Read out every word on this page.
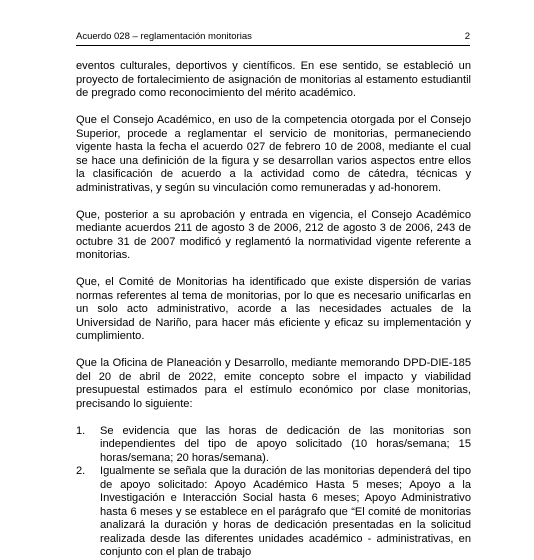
Acuerdo 028 – reglamentación monitorias	2

eventos culturales, deportivos y científicos. En ese sentido, se estableció un proyecto de fortalecimiento de asignación de monitorias al estamento estudiantil de pregrado como reconocimiento del mérito académico.

Que el Consejo Académico, en uso de la competencia otorgada por el Consejo Superior, procede a reglamentar el servicio de monitorias, permaneciendo vigente hasta la fecha el acuerdo 027 de febrero 10 de 2008, mediante el cual se hace una definición de la figura y se desarrollan varios aspectos entre ellos la clasificación de acuerdo a la actividad como de cátedra, técnicas y administrativas, y según su vinculación como remuneradas y ad-honorem.

Que, posterior a su aprobación y entrada en vigencia, el Consejo Académico mediante acuerdos 211 de agosto 3 de 2006, 212 de agosto 3 de 2006, 243 de octubre 31 de 2007 modificó y reglamentó la normatividad vigente referente a monitorias.

Que, el Comité de Monitorias ha identificado que existe dispersión de varias normas referentes al tema de monitorias, por lo que es necesario unificarlas en un solo acto administrativo, acorde a las necesidades actuales de la Universidad de Nariño, para hacer más eficiente y eficaz su implementación y cumplimiento.

Que la Oficina de Planeación y Desarrollo, mediante memorando DPD-DIE-185 del 20 de abril de 2022, emite concepto sobre el impacto y viabilidad presupuestal estimados para el estímulo económico por clase monitorias, precisando lo siguiente:

1. Se evidencia que las horas de dedicación de las monitorias son independientes del tipo de apoyo solicitado (10 horas/semana; 15 horas/semana; 20 horas/semana).
2. Igualmente se señala que la duración de las monitorias dependerá del tipo de apoyo solicitado: Apoyo Académico Hasta 5 meses; Apoyo a la Investigación e Interacción Social hasta 6 meses; Apoyo Administrativo hasta 6 meses y se establece en el parágrafo que “El comité de monitorias analizará la duración y horas de dedicación presentadas en la solicitud realizada desde las diferentes unidades académico - administrativas, en conjunto con el plan de trabajo
